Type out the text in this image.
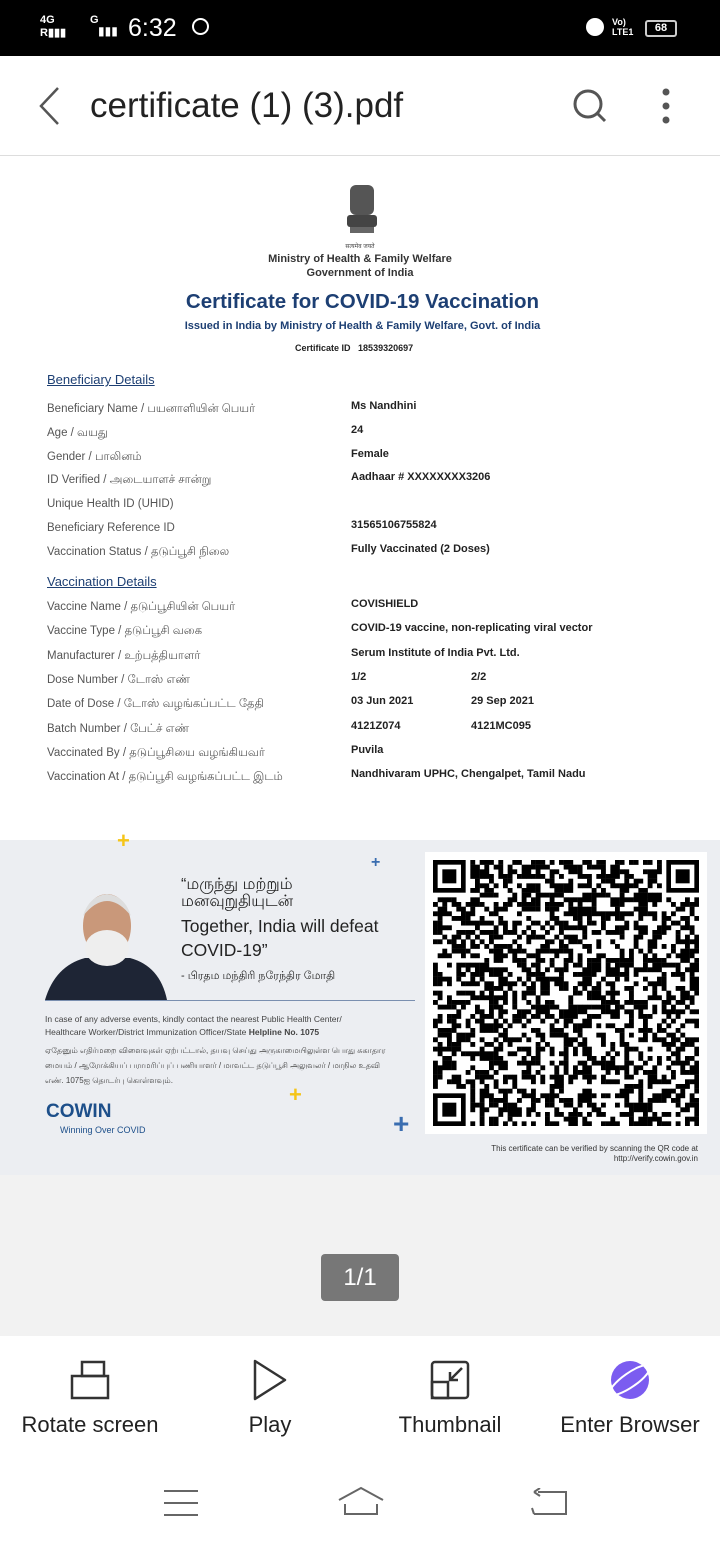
4G
R▮▮▮
G
▮▮▮ 6:32	Vo) LTE1	68
certificate (1) (3).pdf
सत्यमेव जयते
Ministry of Health & Family Welfare
Government of India
Certificate for COVID-19 Vaccination
Issued in India by Ministry of Health & Family Welfare, Govt. of India
Certificate ID 18539320697
Beneficiary Details
Beneficiary Name / பயனாளியின் பெயர்	Ms Nandhini
Age / வயது	24
Gender / பாலினம்	Female
ID Verified / அடையாளச் சான்று	Aadhaar # XXXXXXXX3206
Unique Health ID (UHID)
Beneficiary Reference ID	31565106755824
Vaccination Status / தடுப்பூசி நிலை	Fully Vaccinated (2 Doses)
Vaccination Details
Vaccine Name / தடுப்பூசியின் பெயர்	COVISHIELD
Vaccine Type / தடுப்பூசி வகை	COVID-19 vaccine, non-replicating viral vector
Manufacturer / உற்பத்தியாளர்	Serum Institute of India Pvt. Ltd.
Dose Number / டோஸ் எண்	1/2	2/2
Date of Dose / டோஸ் வழங்கப்பட்ட தேதி	03 Jun 2021	29 Sep 2021
Batch Number / பேட்ச் எண்	4121Z074	4121MC095
Vaccinated By / தடுப்பூசியை வழங்கியவர்	Puvila
Vaccination At / தடுப்பூசி வழங்கப்பட்ட இடம்	Nandhivaram UPHC, Chengalpet, Tamil Nadu
+
+
+
+
“மருந்து மற்றும் மனவுறுதியுடன்
Together, India will defeat COVID-19”
- பிரதம மந்திரி நரேந்திர மோதி
In case of any adverse events, kindly contact the nearest Public Health Center/ Healthcare Worker/District Immunization Officer/State Helpline No. 1075
ஏதேனும் எதிர்மறை விளைவுகள் ஏற்பட்டால், தயவு செய்து அருகாமையிலுள்ள பொது சுகாதார மையம் / ஆரோக்கியப் பராமரிப்புப் பணியாளர் / மாவட்ட தடுப்பூசி அலுவலர் / மாநில உதவி எண். 1075ஐ தொடர்பு கொள்ளவும்.
COWIN
Winning Over COVID
This certificate can be verified by scanning the QR code at http://verify.cowin.gov.in
1/1
Rotate screen	Play	Thumbnail	Enter Browser
